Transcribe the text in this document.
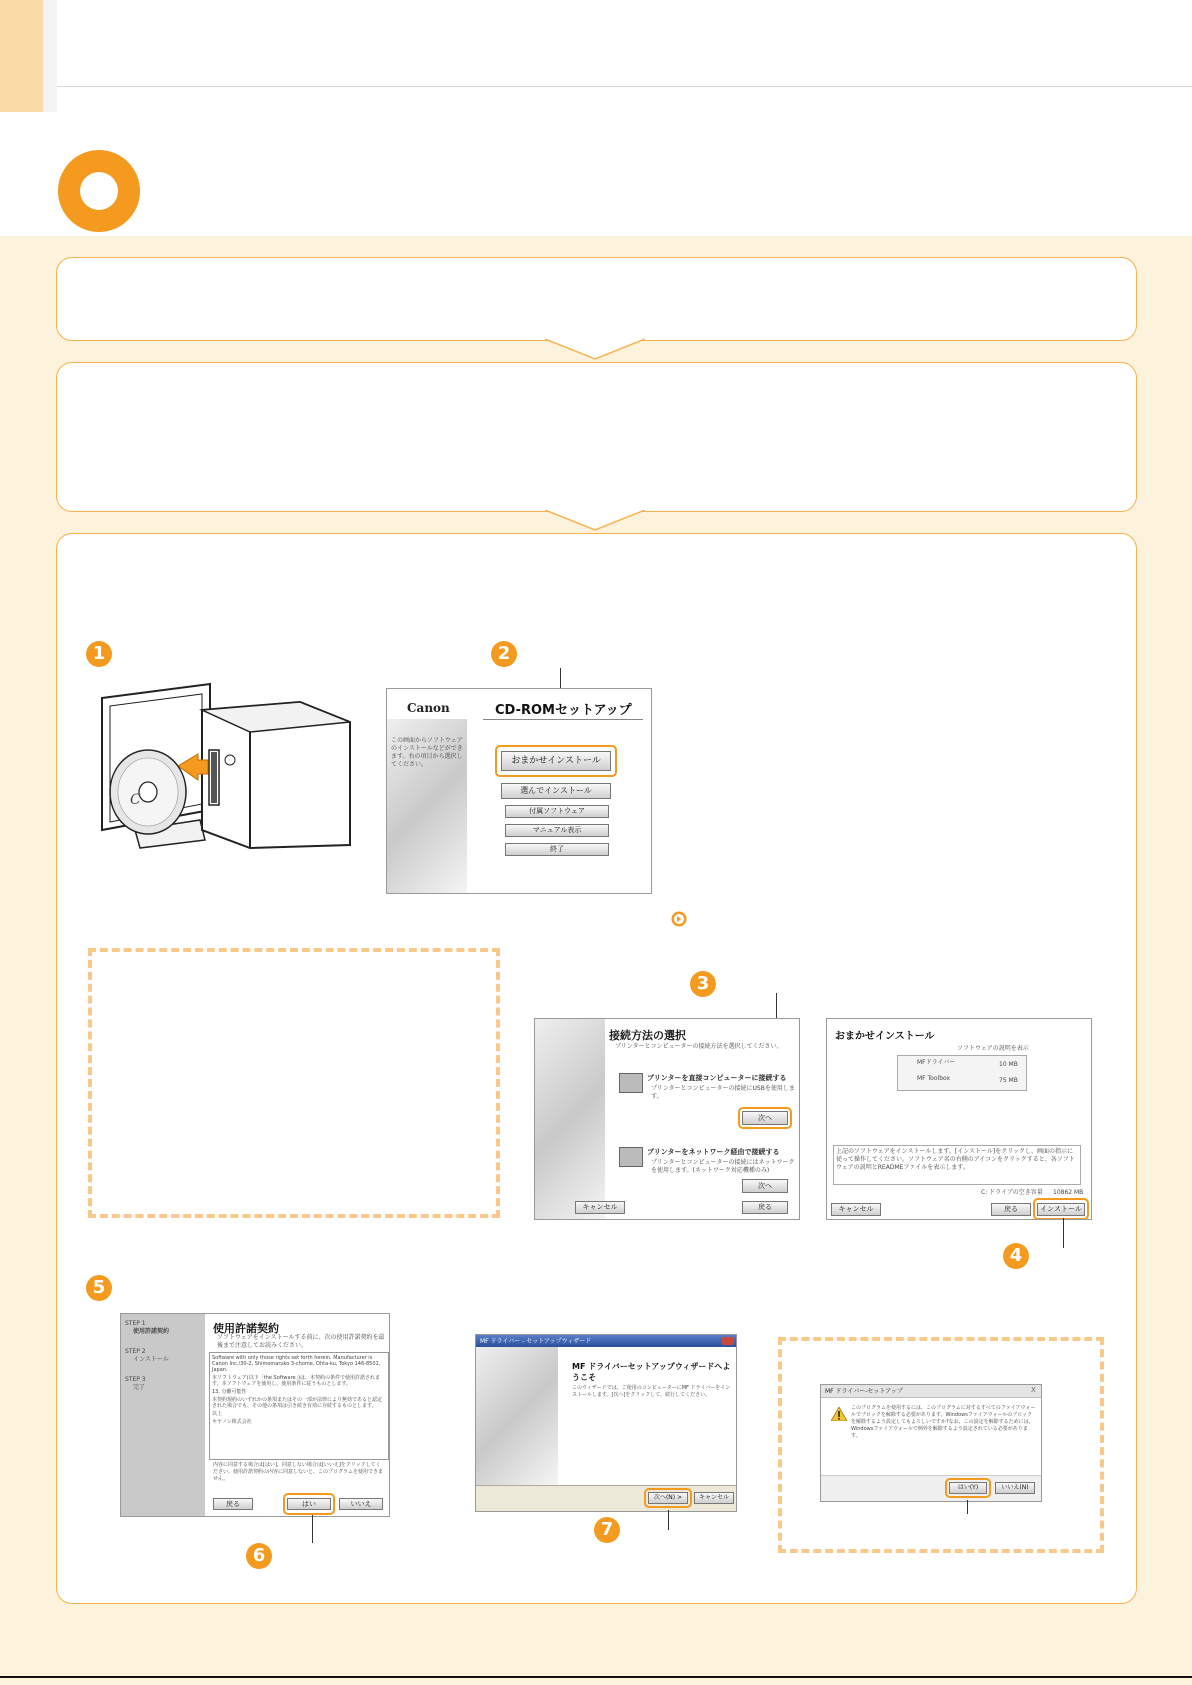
1
C
2
Canon	CD-ROMセットアップ
この画面からソフトウェアのインストールなどができます。右の項目から選択してください。	おまかせインストール
選んでインストール
付属ソフトウェア
マニュアル表示
終了
3
接続方法の選択
プリンターとコンピューターの接続方法を選択してください。
プリンターを直接コンピューターに接続する
プリンターとコンピューターの接続にUSBを使用します。
次へ
プリンターをネットワーク経由で接続する
プリンターとコンピューターの接続にはネットワークを使用します。(ネットワーク対応機種のみ)
次へ
キャンセル	戻る
おまかせインストール
ソフトウェアの説明を表示
MFドライバー	10 MB
MF Toolbox	75 MB
上記のソフトウェアをインストールします。[インストール]をクリックし、画面の指示に従って操作してください。ソフトウェア名の右側のアイコンをクリックすると、各ソフトウェアの説明とREADMEファイルを表示します。
C: ドライブの空き容量 10862 MB
キャンセル	戻る	インストール
4
5
STEP 1
使用許諾契約
STEP 2
インストール
STEP 3
完了
使用許諾契約
ソフトウェアをインストールする前に、次の使用許諾契約を最後まで注意してお読みください。
Software with only those rights set forth herein. Manufacturer is Canon Inc./30-2, Shimomaruko 3-chome, Ohta-ku, Tokyo 146-8501, Japan.
本ソフトウェア(以下「the Software」)は、本契約の条件で使用許諾されます。本ソフトウェアを使用し、使用条件に従うものとします。
13. 分離可能性
本契約規約のいずれかの条項またはその一部が法律により無効であると認定された場合でも、その他の条項は引き続き有効に存続するものとします。
以上
キヤノン株式会社
内容に同意する場合は[はい]、同意しない場合は[いいえ]をクリックしてください。使用許諾契約の内容に同意しないと、このプログラムを使用できません。
戻る	はい	いいえ
6
MF ドライバー - セットアップウィザード
MF ドライバーセットアップウィザードへようこそ
このウィザードでは、ご使用のコンピューターにMF ドライバーをインストールします。[次へ]をクリックして、続行してください。
次へ(N) >	キャンセル
7
MF ドライバー-セットアップ	X
このプログラムを使用するには、このプログラムに対するすべてのファイアウォールでブロックを解除する必要があります。Windowsファイアウォールのブロックを解除するよう設定してもよろしいですか?なお、この設定を解除するためには、Windowsファイアウォールで例外を解除するよう設定されている必要があります。
はい(Y)	いいえ(N)
